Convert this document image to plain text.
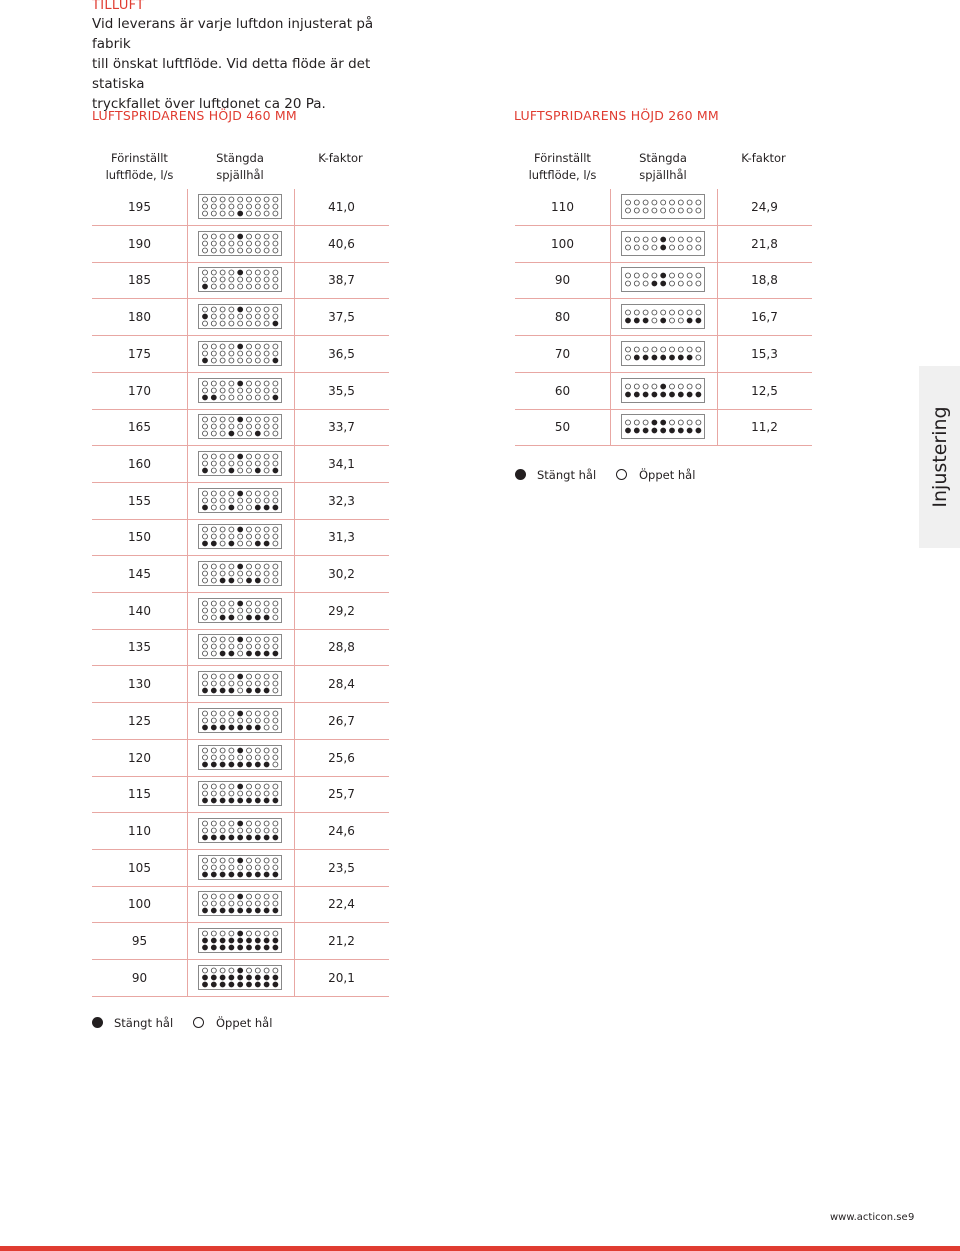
TILLUFT
Vid leverans är varje luftdon injusterat på fabrik
till önskat luftflöde. Vid detta flöde är det statiska
tryckfallet över luftdonet ca 20 Pa.
LUFTSPRIDARENS HÖJD 460 MM	LUFTSPRIDARENS HÖJD 260 MM
Förinställt
luftflöde, l/s
Stängda
spjällhål
K-faktor	Förinställt
luftflöde, l/s
Stängda
spjällhål
K-faktor
195	41,0
190	40,6
185	38,7
180	37,5
175	36,5
170	35,5
165	33,7
160	34,1
155	32,3
150	31,3
145	30,2
140	29,2
135	28,8
130	28,4
125	26,7
120	25,6
115	25,7
110	24,6
105	23,5
100	22,4
95	21,2
90	20,1
110	24,9
100	21,8
90	18,8
80	16,7
70	15,3
60	12,5
50	11,2
Stängt hål	Öppet hål
Stängt hål	Öppet hål	Injustering
www.acticon.se 9
